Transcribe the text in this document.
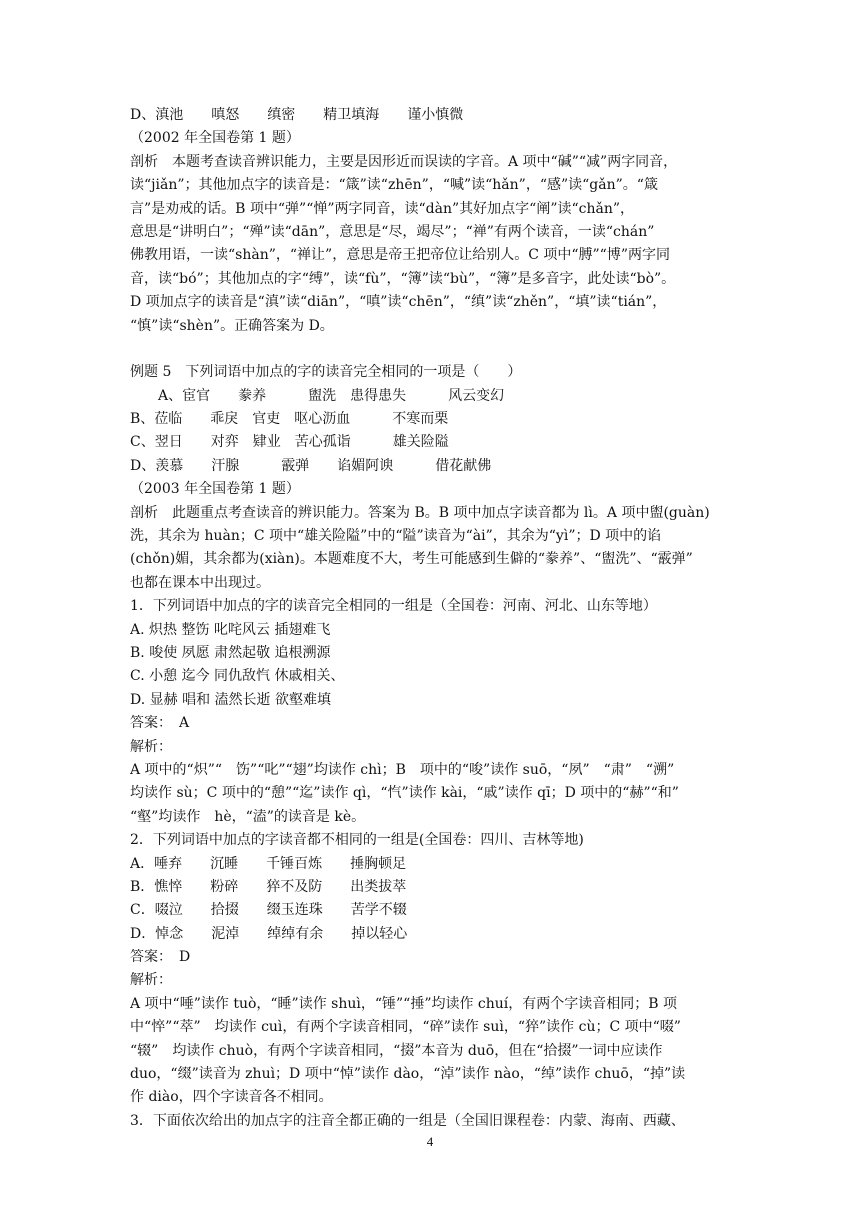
D、滇池　　嗔怒　　缜密　　精卫填海　　谨小慎微
（2002 年全国卷第 1 题）
剖析　本题考查读音辨识能力，主要是因形近而误读的字音。A 项中“碱”“减”两字同音，
读“jiǎn”；其他加点字的读音是：“箴”读“zhēn”，“喊”读“hǎn”，“感”读“gǎn”。“箴
言”是劝戒的话。B 项中“弹”“惮”两字同音，读“dàn”其好加点字“阐”读“chǎn”，
意思是“讲明白”；“殚”读“dān”，意思是“尽，竭尽”；“禅”有两个读音，一读“chán”
佛教用语，一读“shàn”，“禅让”，意思是帝王把帝位让给别人。C 项中“膊”“博”两字同
音，读“bó”；其他加点的字“缚”，读“fù”，“簿”读“bù”，“簿”是多音字，此处读“bò”。
D 项加点字的读音是“滇”读“diān”，“嗔”读“chēn”，“缜”读“zhěn”，“填”读“tián”，
“慎”读“shèn”。正确答案为 D。
例题 5　下列词语中加点的字的读音完全相同的一项是（　　）
A、宦官　　豢养　　　盥洗　患得患失　　　风云变幻
B、莅临　　乖戾　官吏　呕心沥血　　　不寒而栗
C、翌日　　对弈　肄业　苦心孤诣　　　雄关险隘
D、羡慕　　汗腺　　　霰弹　　谄媚阿谀　　　借花献佛
（2003 年全国卷第 1 题）
剖析　此题重点考查读音的辨识能力。答案为 B。B 项中加点字读音都为 lì。A 项中盥(guàn)
洗，其余为 huàn；C 项中“雄关险隘”中的“隘”读音为“ài”，其余为“yì”；D 项中的谄
(chǒn)媚，其余都为(xiàn)。本题难度不大，考生可能感到生僻的“豢养”、“盥洗”、“霰弹”
也都在课本中出现过。
1．下列词语中加点的字的读音完全相同的一组是（全国卷：河南、河北、山东等地）
A. 炽热 整饬 叱咤风云 插翅难飞
B. 唆使 夙愿 肃然起敬 追根溯源
C. 小憩 迄今 同仇敌忾 休戚相关、
D. 显赫 唱和 溘然长逝 欲壑难填
答案：　A
解析：
A 项中的“炽”“　饬”“叱”“翅”均读作 chì；B　项中的“唆”读作 suō，“夙”　“肃”　“溯”
均读作 sù；C 项中的“憩”“迄”读作 qì，“忾”读作 kài，“戚”读作 qī；D 项中的“赫”“和”
“壑”均读作　hè，“溘”的读音是 kè。
2．下列词语中加点的字读音都不相同的一组是(全国卷：四川、吉林等地)
A．唾弃　　沉睡　　千锤百炼　　捶胸顿足
B．憔悴　　粉碎　　猝不及防　　出类拔萃
C．啜泣　　拾掇　　缀玉连珠　　苦学不辍
D．悼念　　泥淖　　绰绰有余　　掉以轻心
答案：　D
解析：
A 项中“唾”读作 tuò，“睡”读作 shuì，“锤”“捶”均读作 chuí，有两个字读音相同；B 项
中“悴”“萃”　均读作 cuì，有两个字读音相同，“碎”读作 suì，“猝”读作 cù；C 项中“啜”
“辍”　均读作 chuò，有两个字读音相同，“掇”本音为 duō，但在“拾掇”一词中应读作
duo，“缀”读音为 zhuì；D 项中“悼”读作 dào，“淖”读作 nào，“绰”读作 chuō，“掉”读
作 diào，四个字读音各不相同。
3．下面依次给出的加点字的注音全都正确的一组是（全国旧课程卷：内蒙、海南、西藏、
4
